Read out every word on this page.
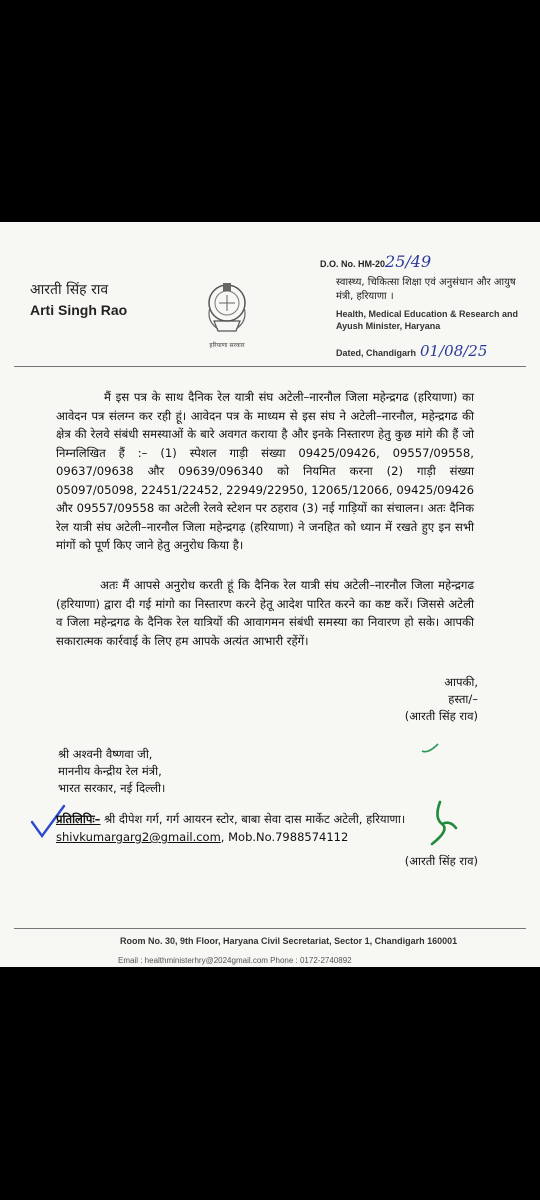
आरती सिंह राव
Arti Singh Rao
हरियाणा सरकार
D.O. No. HM-2025/49
स्वास्थ्य, चिकित्सा शिक्षा एवं अनुसंधान और आयुष मंत्री, हरियाणा ।
Health, Medical Education & Research and Ayush Minister, Haryana
Dated, Chandigarh 01/08/25
मैं इस पत्र के साथ दैनिक रेल यात्री संघ अटेली–नारनौल जिला महेन्द्रगढ (हरियाणा) का आवेदन पत्र संलग्न कर रही हूं। आवेदन पत्र के माध्यम से इस संघ ने अटेली–नारनौल, महेन्द्रगढ की क्षेत्र की रेलवे संबंधी समस्याओं के बारे अवगत कराया है और इनके निस्तारण हेतु कुछ मांगे की हैं जो निम्नलिखित हैं :– (1) स्पेशल गाड़ी संख्या 09425/09426, 09557/09558, 09637/09638 और 09639/096340 को नियमित करना (2) गाड़ी संख्या 05097/05098, 22451/22452, 22949/22950, 12065/12066, 09425/09426 और 09557/09558 का अटेली रेलवे स्टेशन पर ठहराव (3) नई गाड़ियों का संचालन। अतः दैनिक रेल यात्री संघ अटेली–नारनौल जिला महेन्द्रगढ़ (हरियाणा) ने जनहित को ध्यान में रखते हुए इन सभी मांगों को पूर्ण किए जाने हेतु अनुरोध किया है।
अतः मैं आपसे अनुरोध करती हूं कि दैनिक रेल यात्री संघ अटेली–नारनौल जिला महेन्द्रगढ (हरियाणा) द्वारा दी गई मांगो का निस्तारण करने हेतू आदेश पारित करने का कष्ट करें। जिससे अटेली व जिला महेन्द्रगढ के दैनिक रेल यात्रियों की आवागमन संबंधी समस्या का निवारण हो सके। आपकी सकारात्मक कार्रवाई के लिए हम आपके अत्यंत आभारी रहेंगें।
आपकी,
हस्ता/–
(आरती सिंह राव)
श्री अश्वनी वैष्णवा जी,
माननीय केन्द्रीय रेल मंत्री,
भारत सरकार, नई दिल्ली।
प्रतिलिपिः– श्री दीपेश गर्ग, गर्ग आयरन स्टोर, बाबा सेवा दास मार्केट अटेली, हरियाणा। shivkumargarg2@gmail.com, Mob.No.7988574112
(आरती सिंह राव)
Room No. 30, 9th Floor, Haryana Civil Secretariat, Sector 1, Chandigarh 160001
Email : healthministerhry@2024gmail.com Phone : 0172-2740892
